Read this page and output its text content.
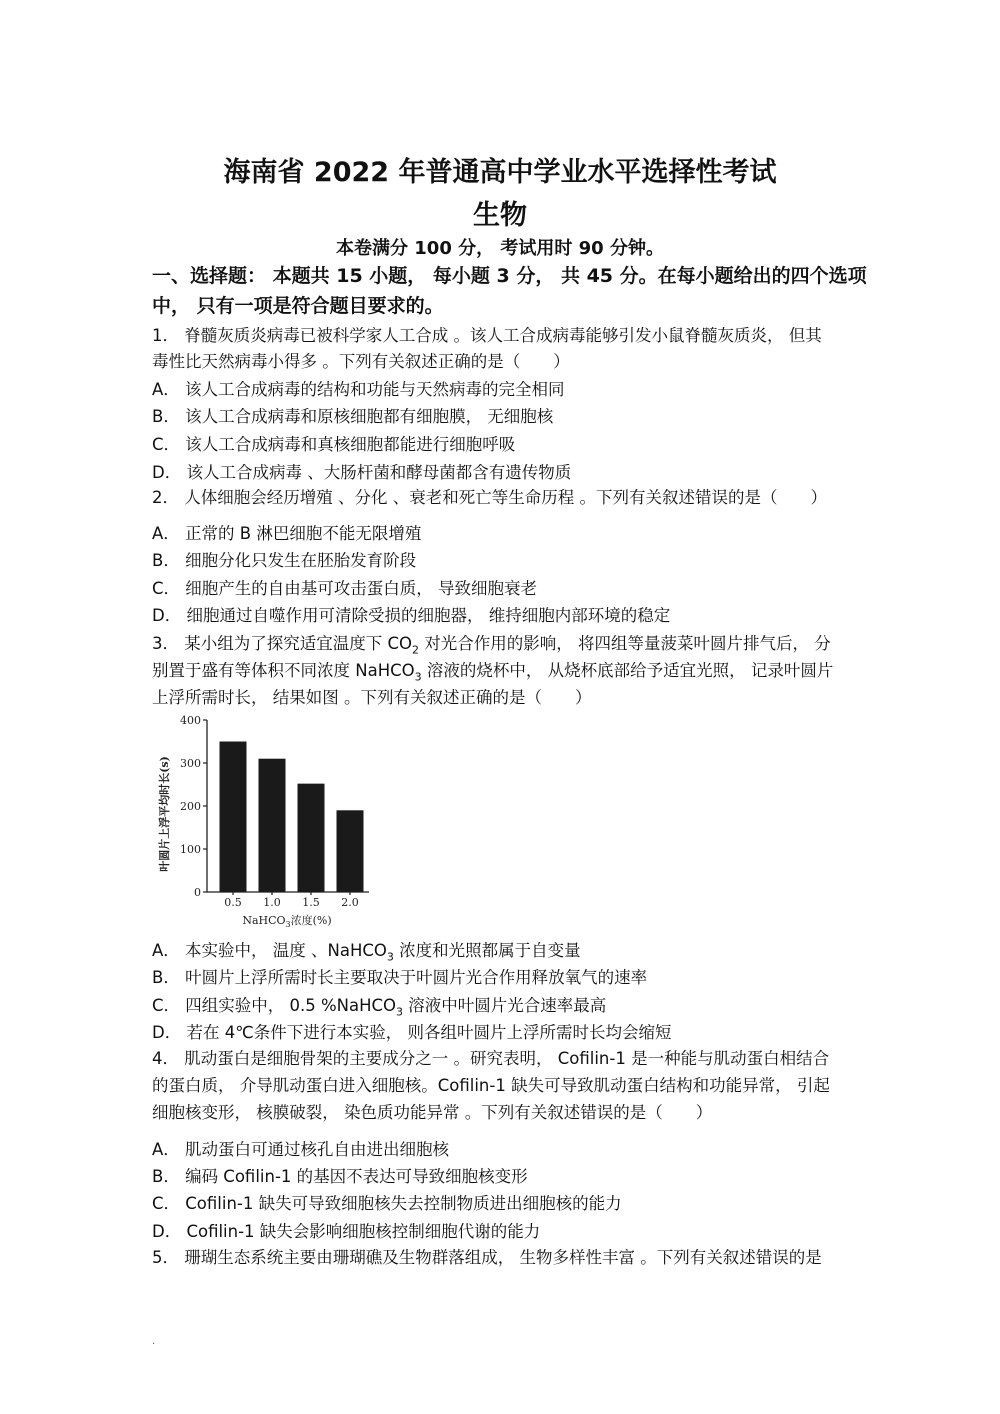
海南省 2022 年普通高中学业水平选择性考试
生物
本卷满分 100 分， 考试用时 90 分钟。
一、选择题： 本题共 15 小题， 每小题 3 分， 共 45 分。在每小题给出的四个选项
中， 只有一项是符合题目要求的。
1． 脊髓灰质炎病毒已被科学家人工合成 。该人工合成病毒能够引发小鼠脊髓灰质炎， 但其
毒性比天然病毒小得多 。下列有关叙述正确的是（　　）
A． 该人工合成病毒的结构和功能与天然病毒的完全相同
B． 该人工合成病毒和原核细胞都有细胞膜， 无细胞核
C． 该人工合成病毒和真核细胞都能进行细胞呼吸
D． 该人工合成病毒 、大肠杆菌和酵母菌都含有遗传物质
2． 人体细胞会经历增殖 、分化 、衰老和死亡等生命历程 。下列有关叙述错误的是（　　）
A． 正常的 B 淋巴细胞不能无限增殖
B． 细胞分化只发生在胚胎发育阶段
C． 细胞产生的自由基可攻击蛋白质， 导致细胞衰老
D． 细胞通过自噬作用可清除受损的细胞器， 维持细胞内部环境的稳定
3． 某小组为了探究适宜温度下 $CO_2$ 对光合作用的影响， 将四组等量菠菜叶圆片排气后， 分
别置于盛有等体积不同浓度 NaHCO$_3$ 溶液的烧杯中， 从烧杯底部给予适宜光照， 记录叶圆片
上浮所需时长， 结果如图 。下列有关叙述正确的是（　　）
0
100
200
300
400
0.5 1.0 1.5 2.0
NaHCO$_3$浓度(%)
叶圆片上浮平均时长(s)
A． 本实验中， 温度 、NaHCO$_3$ 浓度和光照都属于自变量
B． 叶圆片上浮所需时长主要取决于叶圆片光合作用释放氧气的速率
C． 四组实验中， 0.5 %NaHCO$_3$ 溶液中叶圆片光合速率最高
D． 若在 4℃条件下进行本实验， 则各组叶圆片上浮所需时长均会缩短
4． 肌动蛋白是细胞骨架的主要成分之一 。研究表明， Cofilin-1 是一种能与肌动蛋白相结合
的蛋白质， 介导肌动蛋白进入细胞核。Cofilin-1 缺失可导致肌动蛋白结构和功能异常， 引起
细胞核变形， 核膜破裂， 染色质功能异常 。下列有关叙述错误的是（　　）
A． 肌动蛋白可通过核孔自由进出细胞核
B． 编码 Cofilin-1 的基因不表达可导致细胞核变形
C． Cofilin-1 缺失可导致细胞核失去控制物质进出细胞核的能力
D． Cofilin-1 缺失会影响细胞核控制细胞代谢的能力
5． 珊瑚生态系统主要由珊瑚礁及生物群落组成， 生物多样性丰富 。下列有关叙述错误的是
.
